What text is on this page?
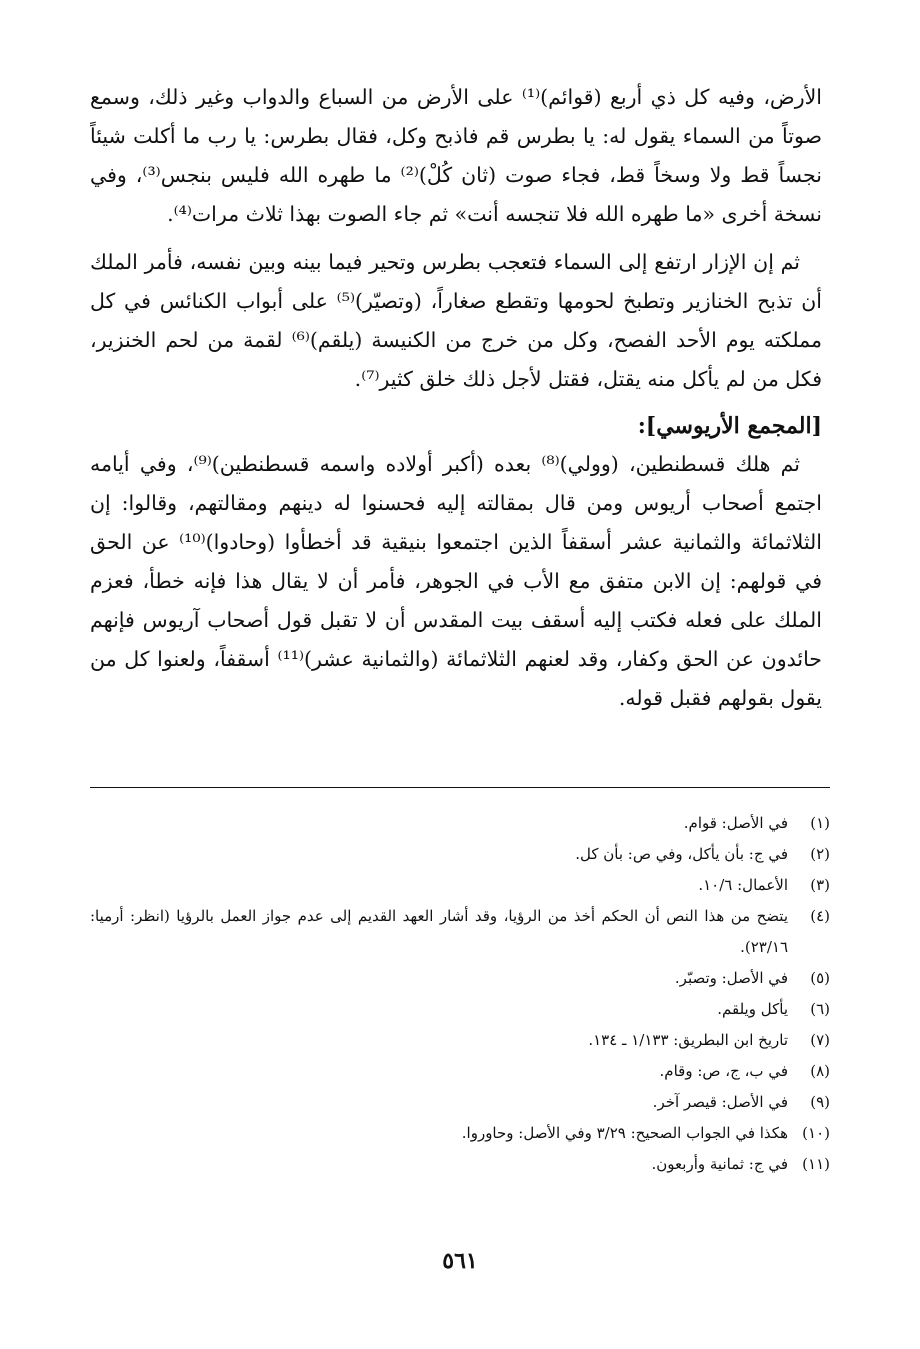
الأرض، وفيه كل ذي أربع (قوائم)⁽¹⁾ على الأرض من السباع والدواب وغير ذلك، وسمع صوتاً من السماء يقول له: يا بطرس قم فاذبح وكل، فقال بطرس: يا رب ما أكلت شيئاً نجساً قط ولا وسخاً قط، فجاء صوت (ثان كُلْ)⁽²⁾ ما طهره الله فليس بنجس⁽³⁾، وفي نسخة أخرى «ما طهره الله فلا تنجسه أنت» ثم جاء الصوت بهذا ثلاث مرات⁽⁴⁾.

ثم إن الإزار ارتفع إلى السماء فتعجب بطرس وتحير فيما بينه وبين نفسه، فأمر الملك أن تذبح الخنازير وتطبخ لحومها وتقطع صغاراً، (وتصيّر)⁽⁵⁾ على أبواب الكنائس في كل مملكته يوم الأحد الفصح، وكل من خرج من الكنيسة (يلقم)⁽⁶⁾ لقمة من لحم الخنزير، فكل من لم يأكل منه يقتل، فقتل لأجل ذلك خلق كثير⁽⁷⁾.

[المجمع الأريوسي]:

ثم هلك قسطنطين، (وولي)⁽⁸⁾ بعده (أكبر أولاده واسمه قسطنطين)⁽⁹⁾، وفي أيامه اجتمع أصحاب أريوس ومن قال بمقالته إليه فحسنوا له دينهم ومقالتهم، وقالوا: إن الثلاثمائة والثمانية عشر أسقفاً الذين اجتمعوا بنيقية قد أخطأوا (وحادوا)⁽¹⁰⁾ عن الحق في قولهم: إن الابن متفق مع الأب في الجوهر، فأمر أن لا يقال هذا فإنه خطأ، فعزم الملك على فعله فكتب إليه أسقف بيت المقدس أن لا تقبل قول أصحاب آريوس فإنهم حائدون عن الحق وكفار، وقد لعنهم الثلاثمائة (والثمانية عشر)⁽¹¹⁾ أسقفاً، ولعنوا كل من يقول بقولهم فقبل قوله.

(١)
في الأصل: قوام.
(٢)
في ج: بأن يأكل، وفي ص: بأن كل.
(٣)
الأعمال: ١٠/٦.
(٤)
يتضح من هذا النص أن الحكم أخذ من الرؤيا، وقد أشار العهد القديم إلى عدم جواز العمل بالرؤيا (انظر: أرميا: ٢٣/١٦).
(٥)
في الأصل: وتصبّر.
(٦)
يأكل ويلقم.
(٧)
تاريخ ابن البطريق: ١/١٣٣ ـ ١٣٤.
(٨)
في ب، ج، ص: وقام.
(٩)
في الأصل: قيصر آخر.
(١٠)
هكذا في الجواب الصحيح: ٣/٢٩ وفي الأصل: وحاوروا.
(١١)
في ج: ثمانية وأربعون.
٥٦١
